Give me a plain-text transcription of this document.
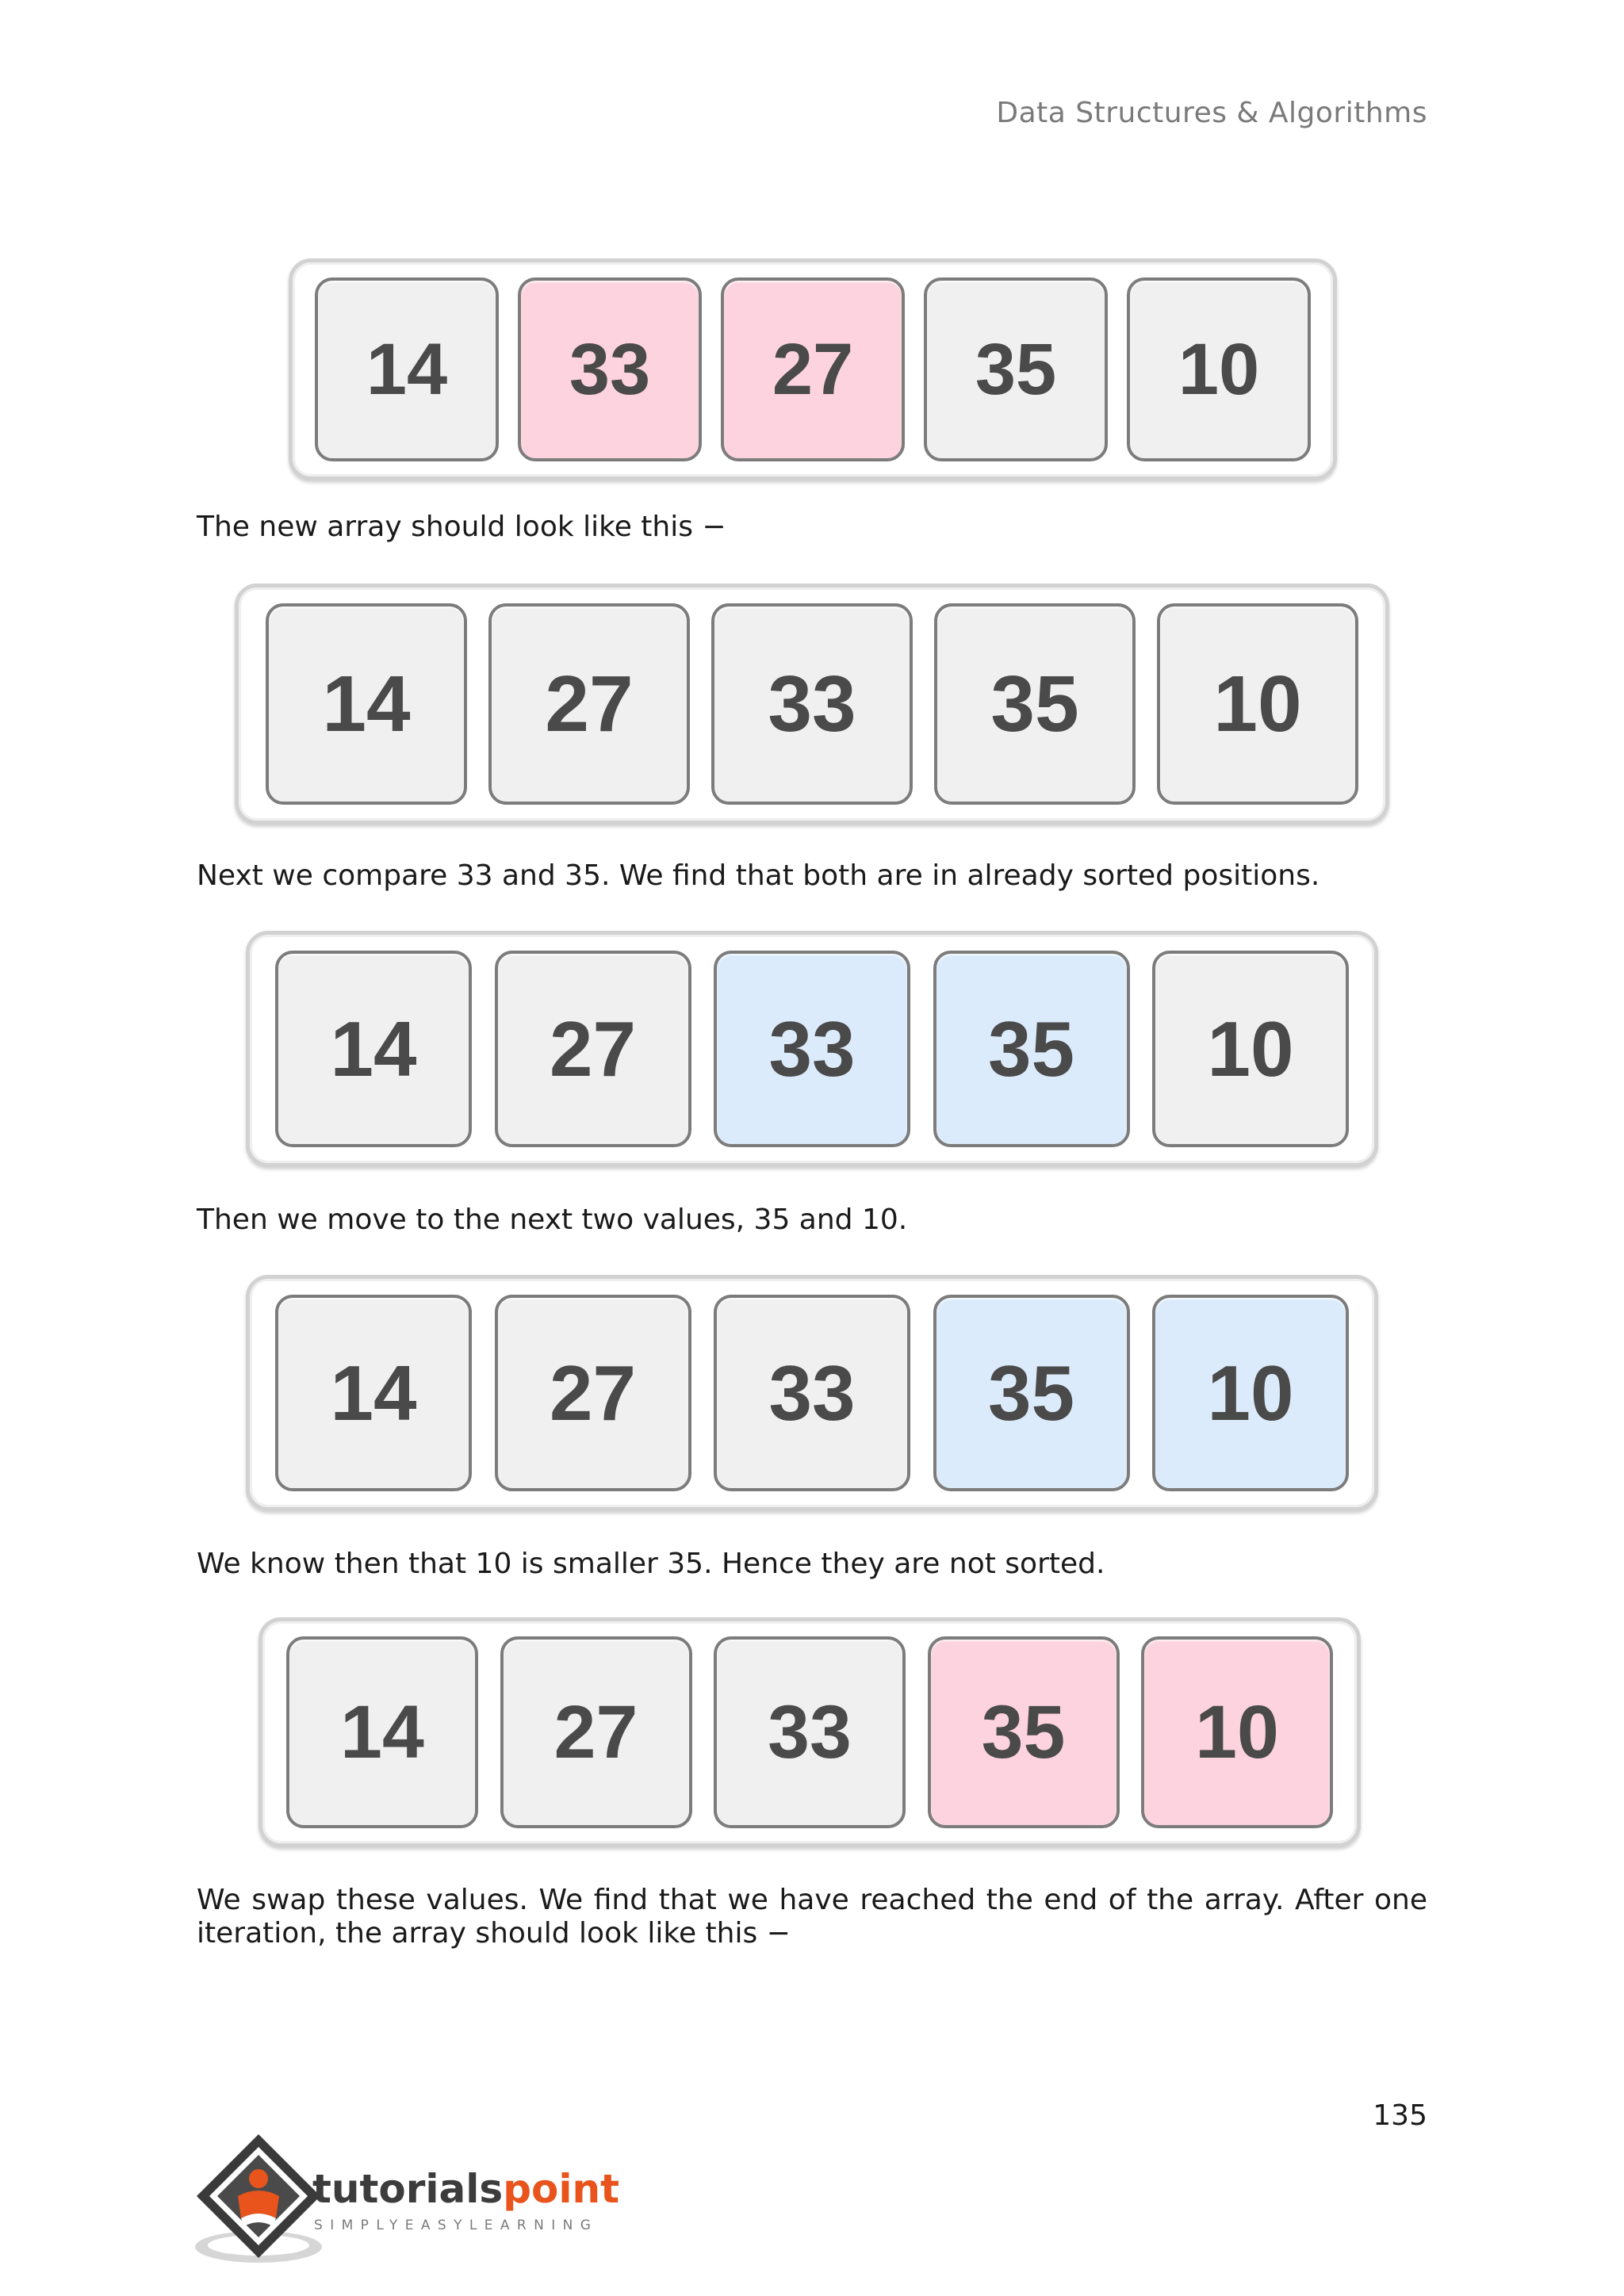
Data Structures & Algorithms
14 33 27 35 10
The new array should look like this −
14 27 33 35 10
Next we compare 33 and 35. We find that both are in already sorted positions.
14 27 33 35 10
Then we move to the next two values, 35 and 10.
14 27 33 35 10
We know then that 10 is smaller 35. Hence they are not sorted.
14 27 33 35 10
We swap these values. We find that we have reached the end of the array. After one iteration, the array should look like this −
135
tutorialspoint
SIMPLYEASYLEARNING
